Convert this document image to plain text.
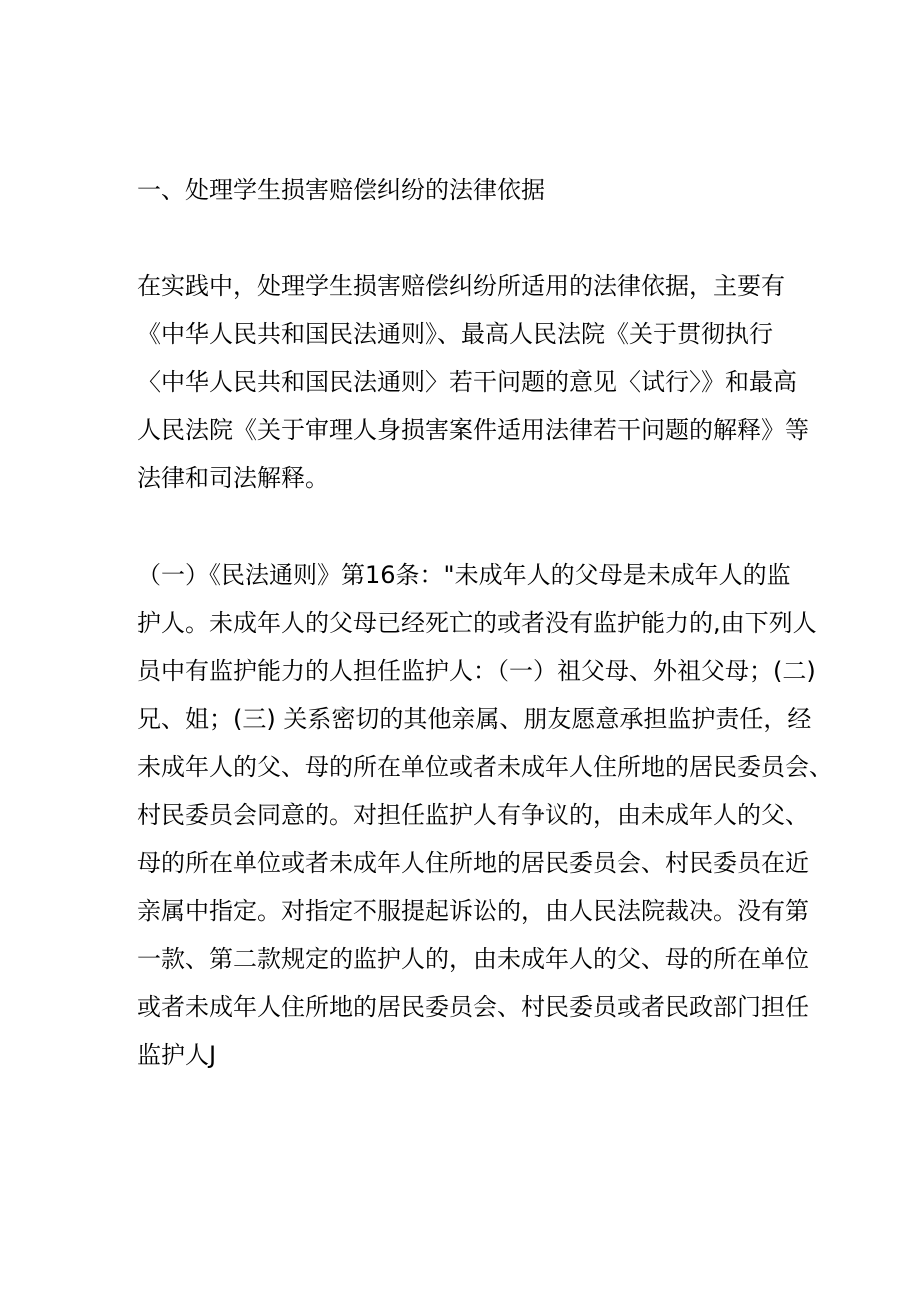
一、处理学生损害赔偿纠纷的法律依据
在实践中，处理学生损害赔偿纠纷所适用的法律依据，主要有
《中华人民共和国民法通则》、最高人民法院《关于贯彻执行
〈中华人民共和国民法通则〉若干问题的意见〈试行〉》和最高
人民法院《关于审理人身损害案件适用法律若干问题的解释》等
法律和司法解释。
（一）《民法通则》第16条："未成年人的父母是未成年人的监
护人。未成年人的父母已经死亡的或者没有监护能力的,由下列人
员中有监护能力的人担任监护人：（一）祖父母、外祖父母；(二)
兄、姐；(三) 关系密切的其他亲属、朋友愿意承担监护责任，经
未成年人的父、母的所在单位或者未成年人住所地的居民委员会、
村民委员会同意的。对担任监护人有争议的，由未成年人的父、
母的所在单位或者未成年人住所地的居民委员会、村民委员在近
亲属中指定。对指定不服提起诉讼的，由人民法院裁决。没有第
一款、第二款规定的监护人的，由未成年人的父、母的所在单位
或者未成年人住所地的居民委员会、村民委员或者民政部门担任
监护人J
